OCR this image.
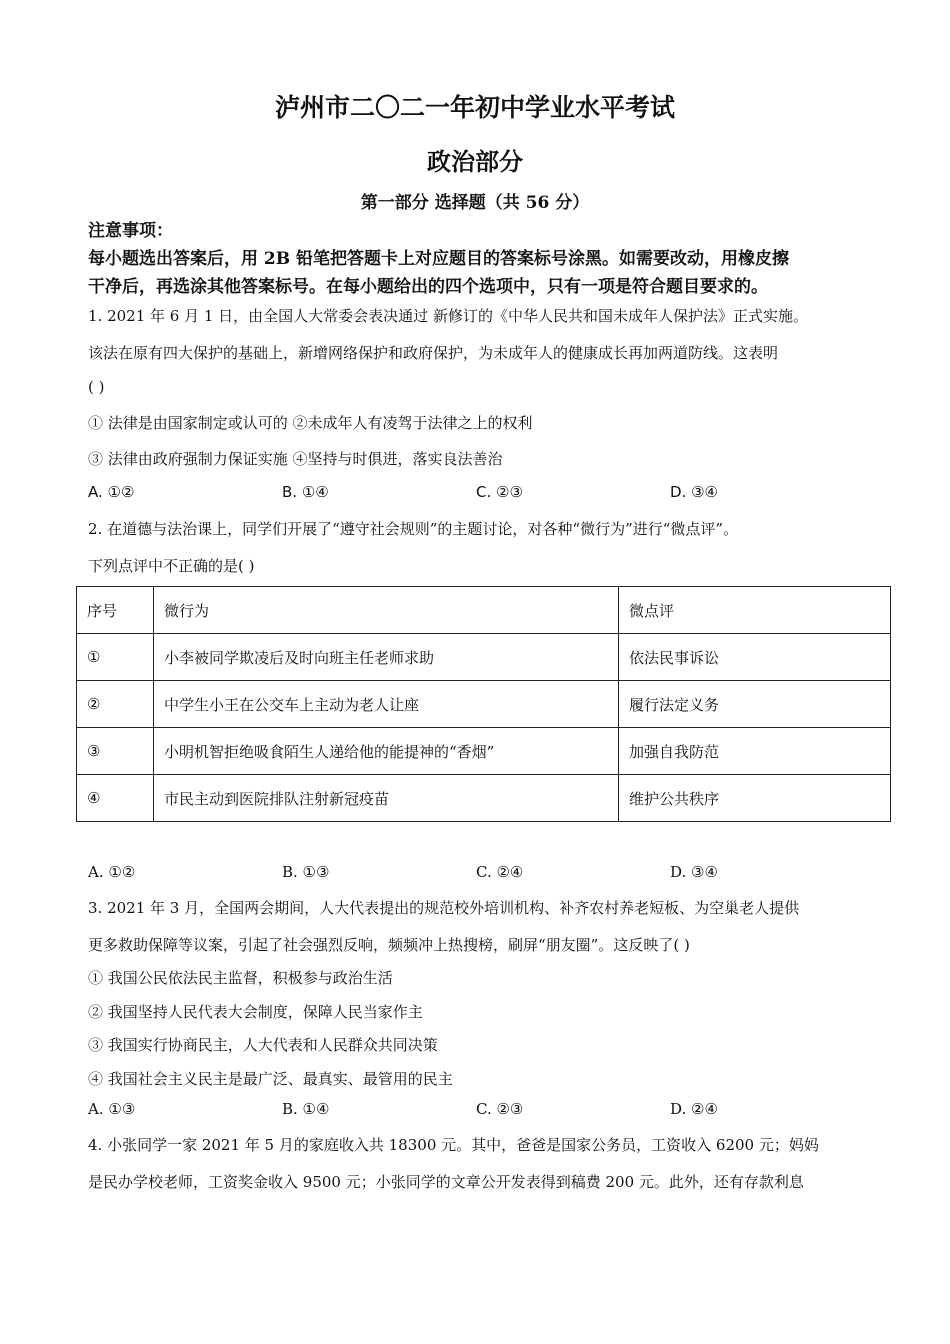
泸州市二〇二一年初中学业水平考试
政治部分
第一部分 选择题（共 56 分）
注意事项：
每小题选出答案后，用 2B 铅笔把答题卡上对应题目的答案标号涂黑。如需要改动，用橡皮擦
干净后，再选涂其他答案标号。在每小题给出的四个选项中，只有一项是符合题目要求的。
1. 2021 年 6 月 1 日，由全国人大常委会表决通过 新修订的《中华人民共和国未成年人保护法》正式实施。
该法在原有四大保护的基础上，新增网络保护和政府保护，为未成年人的健康成长再加两道防线。这表明
( )
① 法律是由国家制定或认可的 ②未成年人有凌驾于法律之上的权利
③ 法律由政府强制力保证实施 ④坚持与时俱进，落实良法善治
A. ①②	B. ①④	C. ②③	D. ③④
2. 在道德与法治课上，同学们开展了“遵守社会规则”的主题讨论，对各种“微行为”进行“微点评”。
下列点评中不正确的是( )
序号	微行为	微点评
①	小李被同学欺凌后及时向班主任老师求助	依法民事诉讼
②	中学生小王在公交车上主动为老人让座	履行法定义务
③	小明机智拒绝吸食陌生人递给他的能提神的“香烟”	加强自我防范
④	市民主动到医院排队注射新冠疫苗	维护公共秩序
A. ①②	B. ①③	C. ②④	D. ③④
3. 2021 年 3 月，全国两会期间，人大代表提出的规范校外培训机构、补齐农村养老短板、为空巢老人提供
更多救助保障等议案，引起了社会强烈反响，频频冲上热搜榜，刷屏“朋友圈”。这反映了( )
① 我国公民依法民主监督，积极参与政治生活
② 我国坚持人民代表大会制度，保障人民当家作主
③ 我国实行协商民主，人大代表和人民群众共同决策
④ 我国社会主义民主是最广泛、最真实、最管用的民主
A. ①③	B. ①④	C. ②③	D. ②④
4. 小张同学一家 2021 年 5 月的家庭收入共 18300 元。其中，爸爸是国家公务员，工资收入 6200 元；妈妈
是民办学校老师，工资奖金收入 9500 元；小张同学的文章公开发表得到稿费 200 元。此外，还有存款利息
